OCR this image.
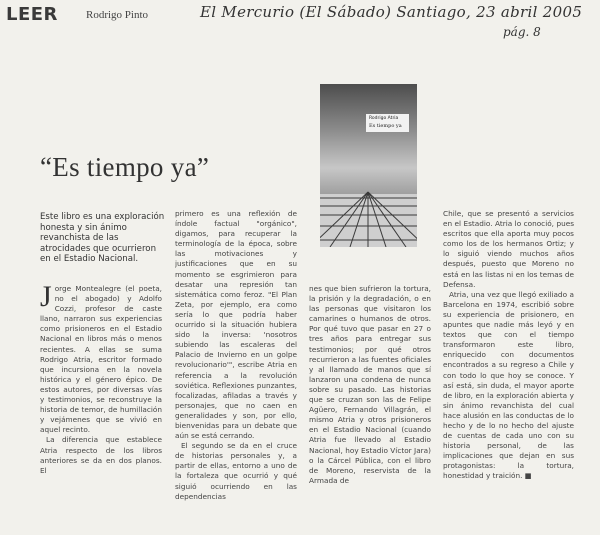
LEER	Rodrigo Pinto	El Mercurio (El Sábado) Santiago, 23 abril 2005
pág. 8
Rodrigo Atria
Es tiempo ya
“Es tiempo ya”
Este libro es una exploración honesta y sin ánimo revanchista de las atrocidades que ocurrieron en el Estadio Nacional.
J orge Montealegre (el poeta, no el abogado) y Adolfo Cozzi, profesor de caste llano, narraron sus experiencias como prisioneros en el Estadio Nacional en libros más o menos recientes. A ellas se suma Rodrigo Atria, escritor formado que incursiona en la novela histórica y el género épico. De estos autores, por diversas vías y testimonios, se reconstruye la historia de temor, de humillación y vejámenes que se vivió en aquel recinto.

La diferencia que establece Atria respecto de los libros anteriores se da en dos planos. El

primero es una reflexión de índole factual "orgánico", digamos, para recuperar la terminología de la época, sobre las motivaciones y justificaciones que en su momento se esgrimieron para desatar una represión tan sistemática como feroz. "El Plan Zeta, por ejemplo, era como sería lo que podría haber ocurrido si la situación hubiera sido la inversa: 'nosotros subiendo las escaleras del Palacio de Invierno en un golpe revolucionario'", escribe Atria en referencia a la revolución soviética. Reflexiones punzantes, focalizadas, afiladas a través y personajes, que no caen en generalidades y son, por ello, bienvenidas para un debate que aún se está cerrando.

El segundo se da en el cruce de historias personales y, a partir de ellas, entorno a uno de la fortaleza que ocurrió y qué siguió ocurriendo en las dependencias

nes que bien sufrieron la tortura, la prisión y la degradación, o en las personas que visitaron los camarines o humanos de otros. Por qué tuvo que pasar en 27 o tres años para entregar sus testimonios; por qué otros recurrieron a las fuentes oficiales y al llamado de manos que sí lanzaron una condena de nunca sobre su pasado. Las historias que se cruzan son las de Felipe Agüero, Fernando Villagrán, el mismo Atria y otros prisioneros en el Estadio Nacional (cuando Atria fue llevado al Estadio Nacional, hoy Estadio Víctor Jara) o la Cárcel Pública, con el libro de Moreno, reservista de la Armada de

Chile, que se presentó a servicios en el Estadio. Atria lo conoció, pues escritos que ella aporta muy pocos como los de los hermanos Ortiz; y lo siguió viendo muchos años después, puesto que Moreno no está en las listas ni en los temas de Defensa.

Atria, una vez que llegó exiliado a Barcelona en 1974, escribió sobre su experiencia de prisionero, en apuntes que nadie más leyó y en textos que con el tiempo transformaron este libro, enriquecido con documentos encontrados a su regreso a Chile y con todo lo que hoy se conoce. Y así está, sin duda, el mayor aporte de libro, en la exploración abierta y sin ánimo revanchista del cual hace alusión en las conductas de lo hecho y de lo no hecho del ajuste de cuentas de cada uno con su historia personal, de las implicaciones que dejan en sus protagonistas: la tortura, honestidad y traición. ■
